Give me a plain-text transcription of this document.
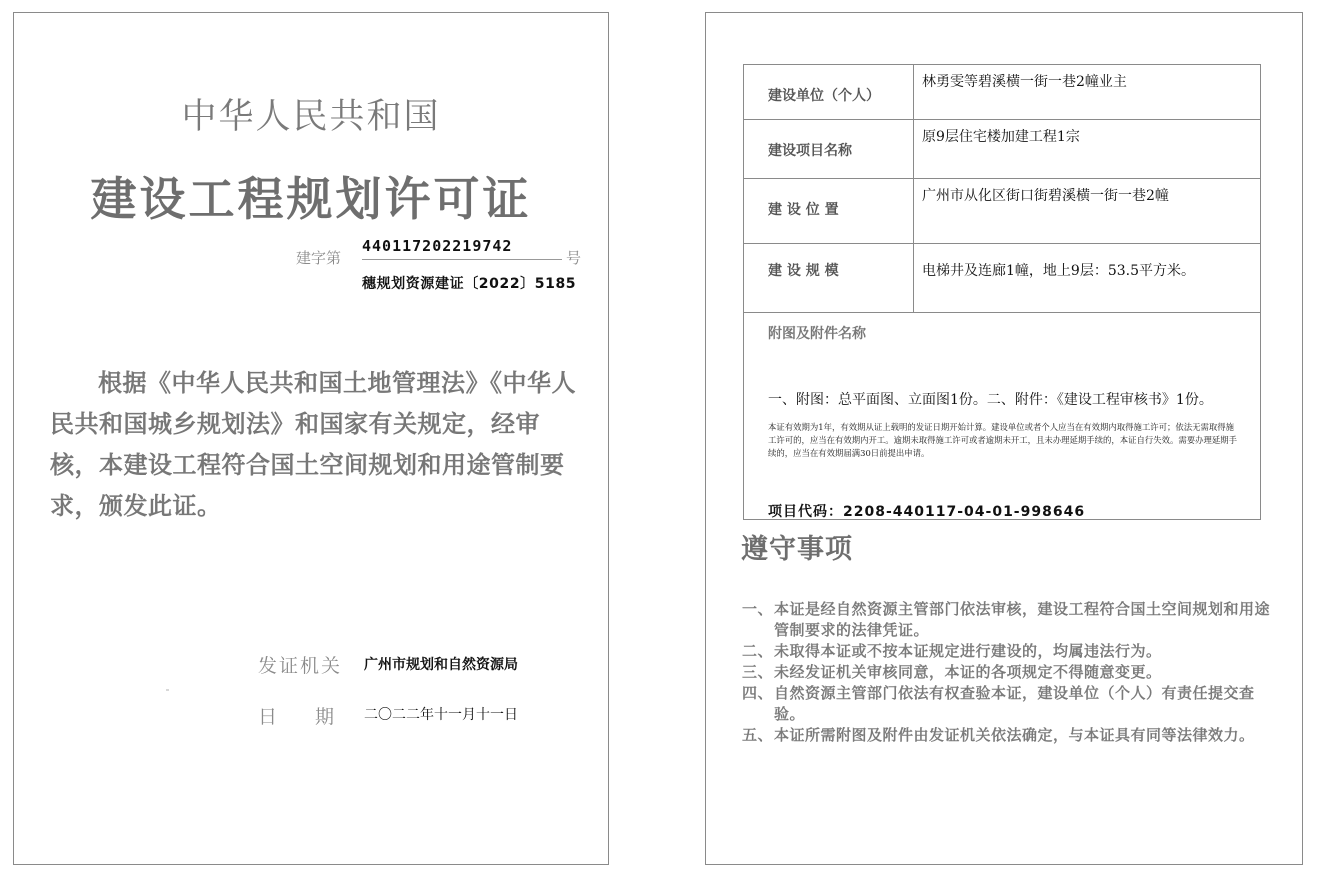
中华人民共和国
建设工程规划许可证
建字第
440117202219742
号
穗规划资源建证〔2022〕5185

根据《中华人民共和国土地管理法》《中华人民共和国城乡规划法》和国家有关规定，经审核，本建设工程符合国土空间规划和用途管制要求，颁发此证。

发证机关 广州市规划和自然资源局
日 期 二〇二二年十一月十一日
建设单位（个人）	林勇雯等碧溪横一街一巷2幢业主
建设项目名称	原9层住宅楼加建工程1宗
建 设 位 置	广州市从化区街口街碧溪横一街一巷2幢
建 设 规 模	电梯井及连廊1幢，地上9层：53.5平方米。

附图及附件名称
一、附图：总平面图、立面图1份。二、附件：《建设工程审核书》1份。
本证有效期为1年，有效期从证上载明的发证日期开始计算。建设单位或者个人应当在有效期内取得施工许可；依法无需取得施工许可的，应当在有效期内开工。逾期未取得施工许可或者逾期未开工，且未办理延期手续的，本证自行失效。需要办理延期手续的，应当在有效期届满30日前提出申请。	
项目代码：2208-440117-04-01-998646
遵守事项
一、 本证是经自然资源主管部门依法审核，建设工程符合国土空间规划和用途管制要求的法律凭证。
二、 未取得本证或不按本证规定进行建设的，均属违法行为。
三、 未经发证机关审核同意，本证的各项规定不得随意变更。
四、 自然资源主管部门依法有权查验本证，建设单位（个人）有责任提交查验。
五、 本证所需附图及附件由发证机关依法确定，与本证具有同等法律效力。
